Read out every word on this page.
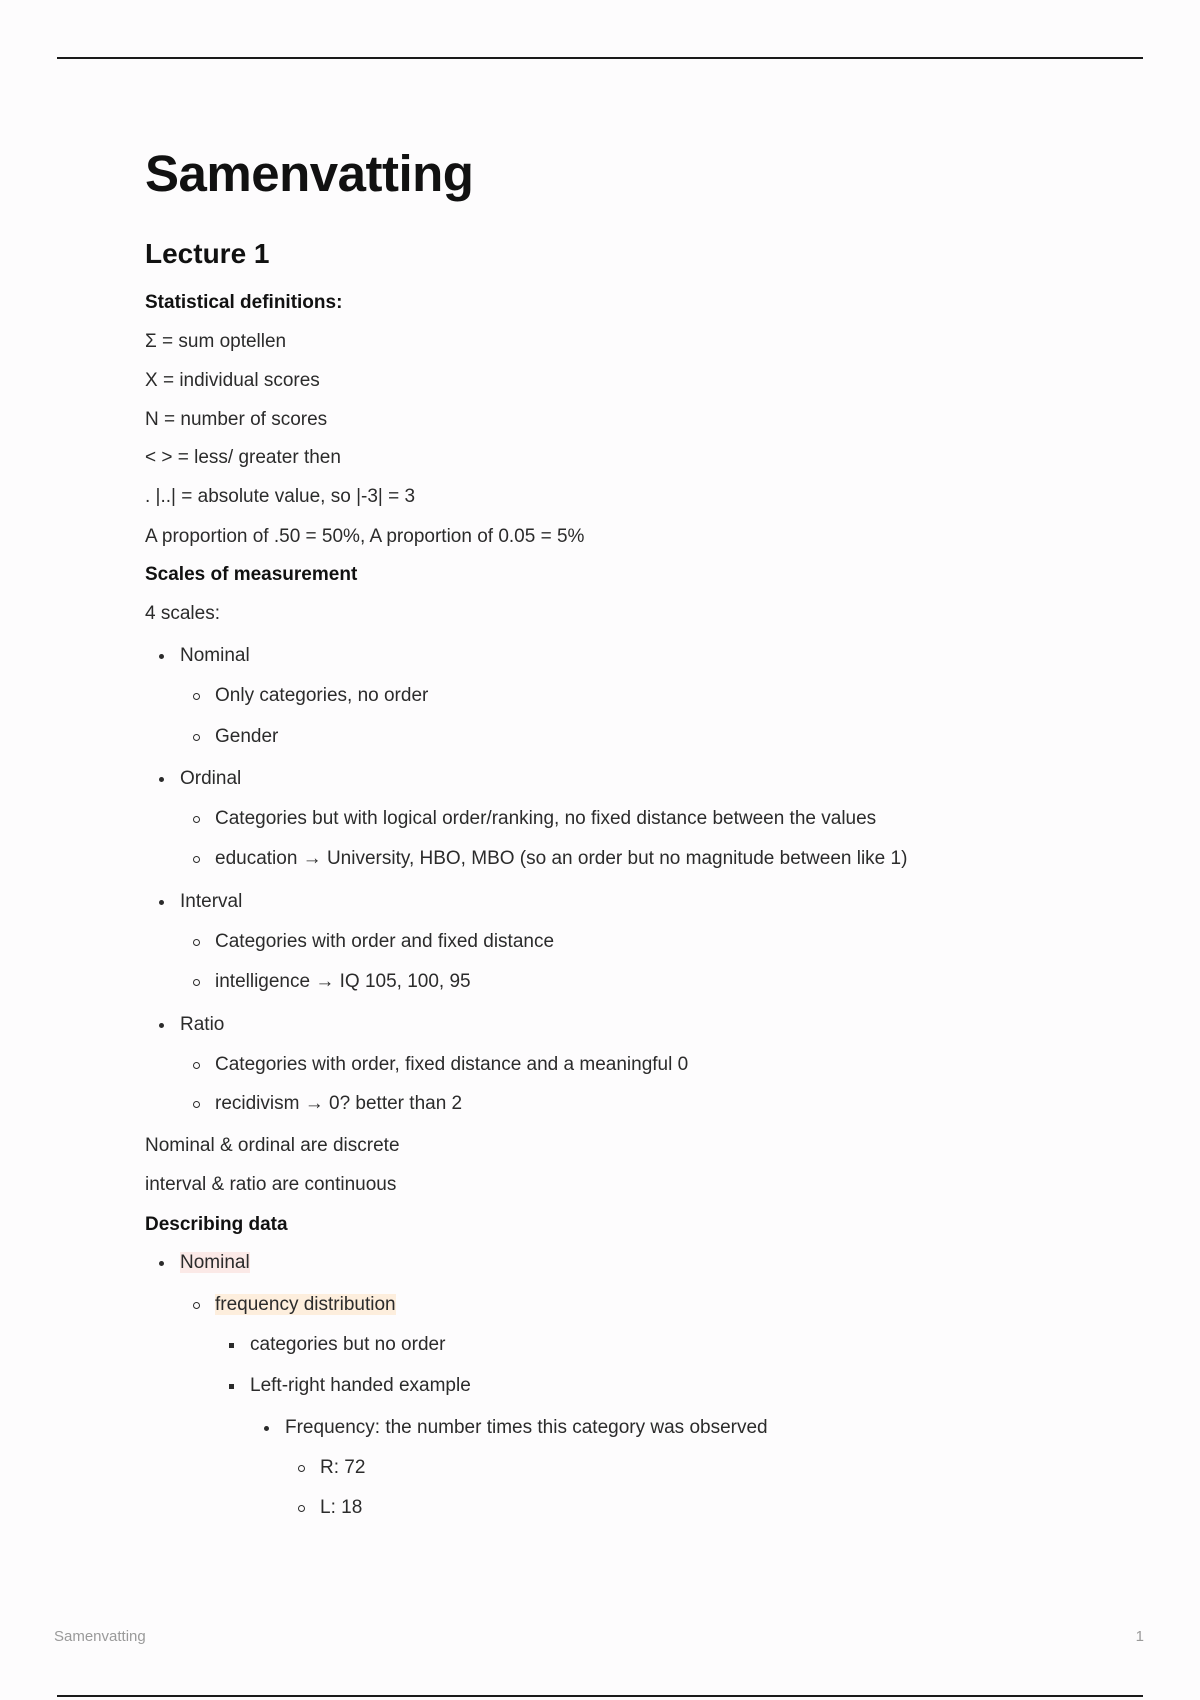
Samenvatting
Lecture 1
Statistical definitions:
Σ = sum optellen
X = individual scores
N = number of scores
< > = less/ greater then
. |..| = absolute value, so |-3| = 3
A proportion of .50 = 50%, A proportion of 0.05 = 5%
Scales of measurement
4 scales:
Nominal
Only categories, no order
Gender
Ordinal
Categories but with logical order/ranking, no fixed distance between the values
education → University, HBO, MBO (so an order but no magnitude between like 1)
Interval
Categories with order and fixed distance
intelligence → IQ 105, 100, 95
Ratio
Categories with order, fixed distance and a meaningful 0
recidivism → 0? better than 2
Nominal & ordinal are discrete
interval & ratio are continuous
Describing data
Nominal
frequency distribution
categories but no order
Left-right handed example
Frequency: the number times this category was observed
R: 72
L: 18
Samenvatting	1
